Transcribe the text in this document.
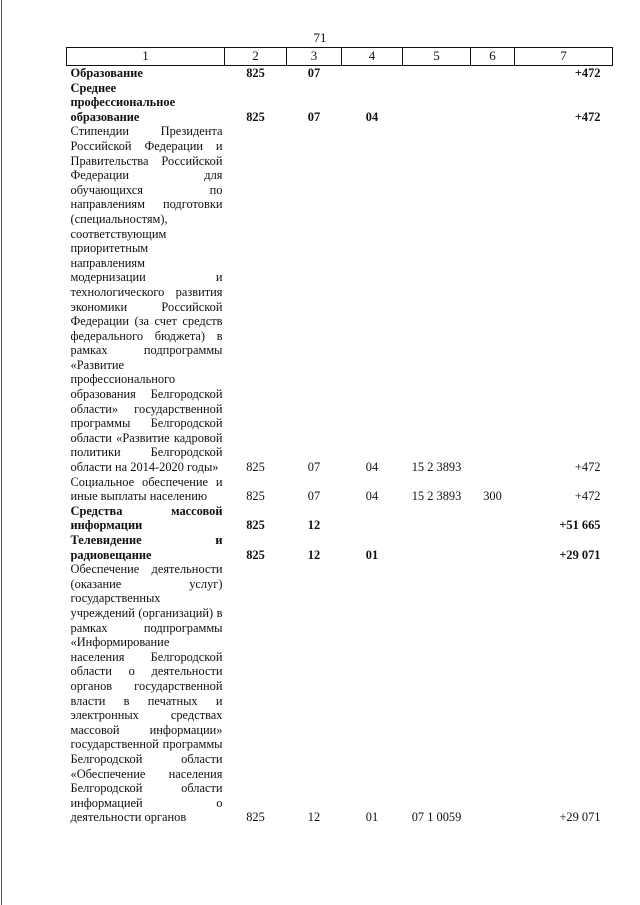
71
1	2	3	4	5	6	7
Образование	825	07				+472
Среднее профессиональное образование	825	07	04			+472
Стипендии Президента Российской Федерации и Правительства Российской Федерации для обучающихся по направлениям подготовки (специальностям), соответствующим приоритетным направлениям модернизации и технологического развития экономики Российской Федерации (за счет средств федерального бюджета) в рамках подпрограммы «Развитие профессионального образования Белгородской области» государственной программы Белгородской области «Развитие кадровой политики Белгородской области на 2014-2020 годы»	825	07	04	15 2 3893		+472
Социальное обеспечение и иные выплаты населению	825	07	04	15 2 3893	300	+472
Средства массовой информации	825	12				+51 665
Телевидение и радиовещание	825	12	01			+29 071
Обеспечение деятельности (оказание услуг) государственных учреждений (организаций) в рамках подпрограммы «Информирование населения Белгородской области о деятельности органов государственной власти в печатных и электронных средствах массовой информации» государственной программы Белгородской области «Обеспечение населения Белгородской области информацией о деятельности органов	825	12	01	07 1 0059		+29 071
